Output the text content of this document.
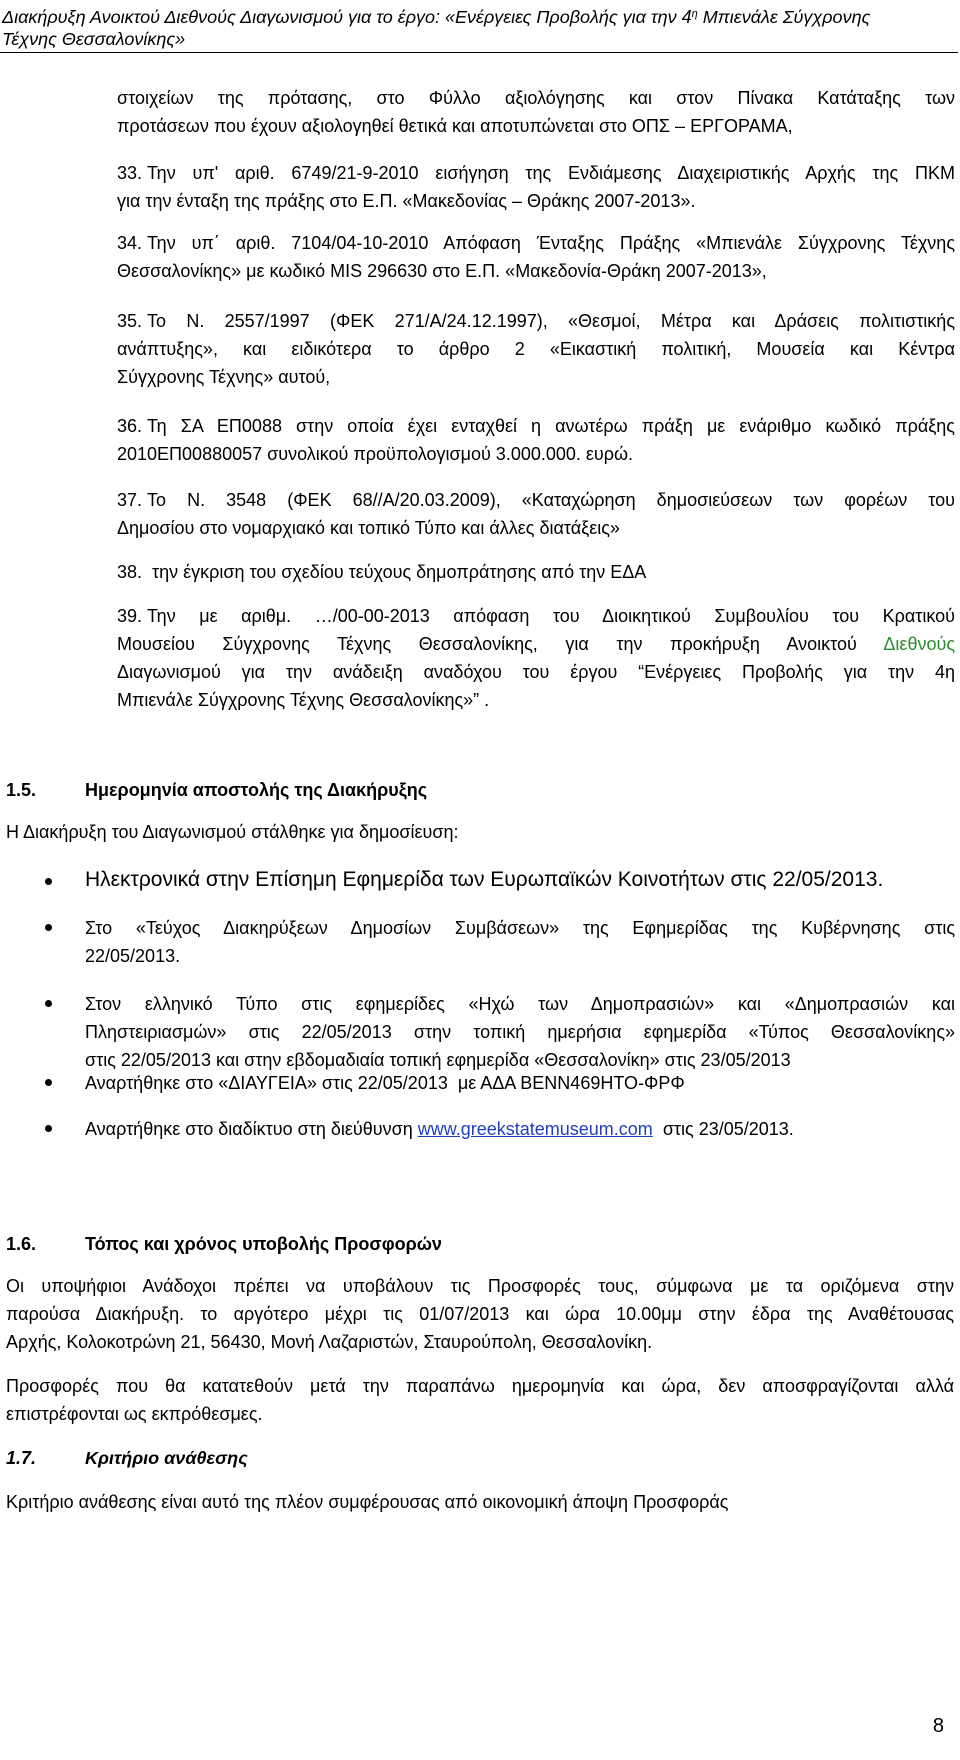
Διακήρυξη Ανοικτού Διεθνούς Διαγωνισμού για το έργο: «Ενέργειες Προβολής για την $4^\eta$ Μπιενάλε Σύγχρονης
Τέχνης Θεσσαλονίκης»
στοιχείων της πρότασης, στο Φύλλο αξιολόγησης και στον Πίνακα Κατάταξης των
προτάσεων που έχουν αξιολογηθεί θετικά και αποτυπώνεται στο ΟΠΣ – ΕΡΓΟΡΑΜΑ,
33. Την υπ' αριθ. 6749/21-9-2010 εισήγηση της Ενδιάμεσης Διαχειριστικής Αρχής της ΠΚΜ
για την ένταξη της πράξης στο Ε.Π. «Μακεδονίας – Θράκης 2007-2013».
34. Την υπ΄ αριθ. 7104/04-10-2010 Απόφαση Ένταξης Πράξης «Μπιενάλε Σύγχρονης Τέχνης
Θεσσαλονίκης» με κωδικό MIS 296630 στο Ε.Π. «Μακεδονία-Θράκη 2007-2013»,
35. Το Ν. 2557/1997 (ΦΕΚ 271/Α/24.12.1997), «Θεσμοί, Μέτρα και Δράσεις πολιτιστικής
ανάπτυξης», και ειδικότερα το άρθρο 2 «Εικαστική πολιτική, Μουσεία και Κέντρα
Σύγχρονης Τέχνης» αυτού,
36. Τη ΣΑ ΕΠ0088 στην οποία έχει ενταχθεί η ανωτέρω πράξη με ενάριθμο κωδικό πράξης
2010ΕΠ00880057 συνολικού προϋπολογισμού 3.000.000. ευρώ.
37. Το Ν. 3548 (ΦΕΚ 68//Α/20.03.2009), «Καταχώρηση δημοσιεύσεων των φορέων του
Δημοσίου στο νομαρχιακό και τοπικό Τύπο και άλλες διατάξεις»
38. την έγκριση του σχεδίου τεύχους δημοπράτησης από την ΕΔΑ
39. Την με αριθμ. …/00-00-2013 απόφαση του Διοικητικού Συμβουλίου του Κρατικού
Μουσείου Σύγχρονης Τέχνης Θεσσαλονίκης, για την προκήρυξη Ανοικτού Διεθνούς
Διαγωνισμού για την ανάδειξη αναδόχου του έργου “Ενέργειες Προβολής για την 4η
Μπιενάλε Σύγχρονης Τέχνης Θεσσαλονίκης»” .
1.5.	Ημερομηνία αποστολής της Διακήρυξης
Η Διακήρυξη του Διαγωνισμού στάλθηκε για δημοσίευση:
Ηλεκτρονικά στην Επίσημη Εφημερίδα των Ευρωπαϊκών Κοινοτήτων στις 22/05/2013.
Στο «Τεύχος Διακηρύξεων Δημοσίων Συμβάσεων» της Εφημερίδας της Κυβέρνησης στις
22/05/2013.
Στον ελληνικό Τύπο στις εφημερίδες «Ηχώ των Δημοπρασιών» και «Δημοπρασιών και
Πληστειριασμών» στις 22/05/2013 στην τοπική ημερήσια εφημερίδα «Τύπος Θεσσαλονίκης»
στις 22/05/2013 και στην εβδομαδιαία τοπική εφημερίδα «Θεσσαλονίκη» στις 23/05/2013
Αναρτήθηκε στο «ΔΙΑΥΓΕΙΑ» στις 22/05/2013  με ΑΔΑ ΒΕΝΝ469ΗΤΟ-ΦΡΦ
Αναρτήθηκε στο διαδίκτυο στη διεύθυνση www.greekstatemuseum.com  στις 23/05/2013.
1.6.	Τόπος και χρόνος υποβολής Προσφορών
Οι υποψήφιοι Ανάδοχοι πρέπει να υποβάλουν τις Προσφορές τους, σύμφωνα με τα οριζόμενα στην
παρούσα Διακήρυξη. το αργότερο μέχρι τις 01/07/2013 και ώρα 10.00μμ στην έδρα της Αναθέτουσας
Αρχής, Κολοκοτρώνη 21, 56430, Μονή Λαζαριστών, Σταυρούπολη, Θεσσαλονίκη.
Προσφορές που θα κατατεθούν μετά την παραπάνω ημερομηνία και ώρα, δεν αποσφραγίζονται αλλά
επιστρέφονται ως εκπρόθεσμες.
1.7.	Κριτήριο ανάθεσης
Κριτήριο ανάθεσης είναι αυτό της πλέον συμφέρουσας από οικονομική άποψη Προσφοράς
8
